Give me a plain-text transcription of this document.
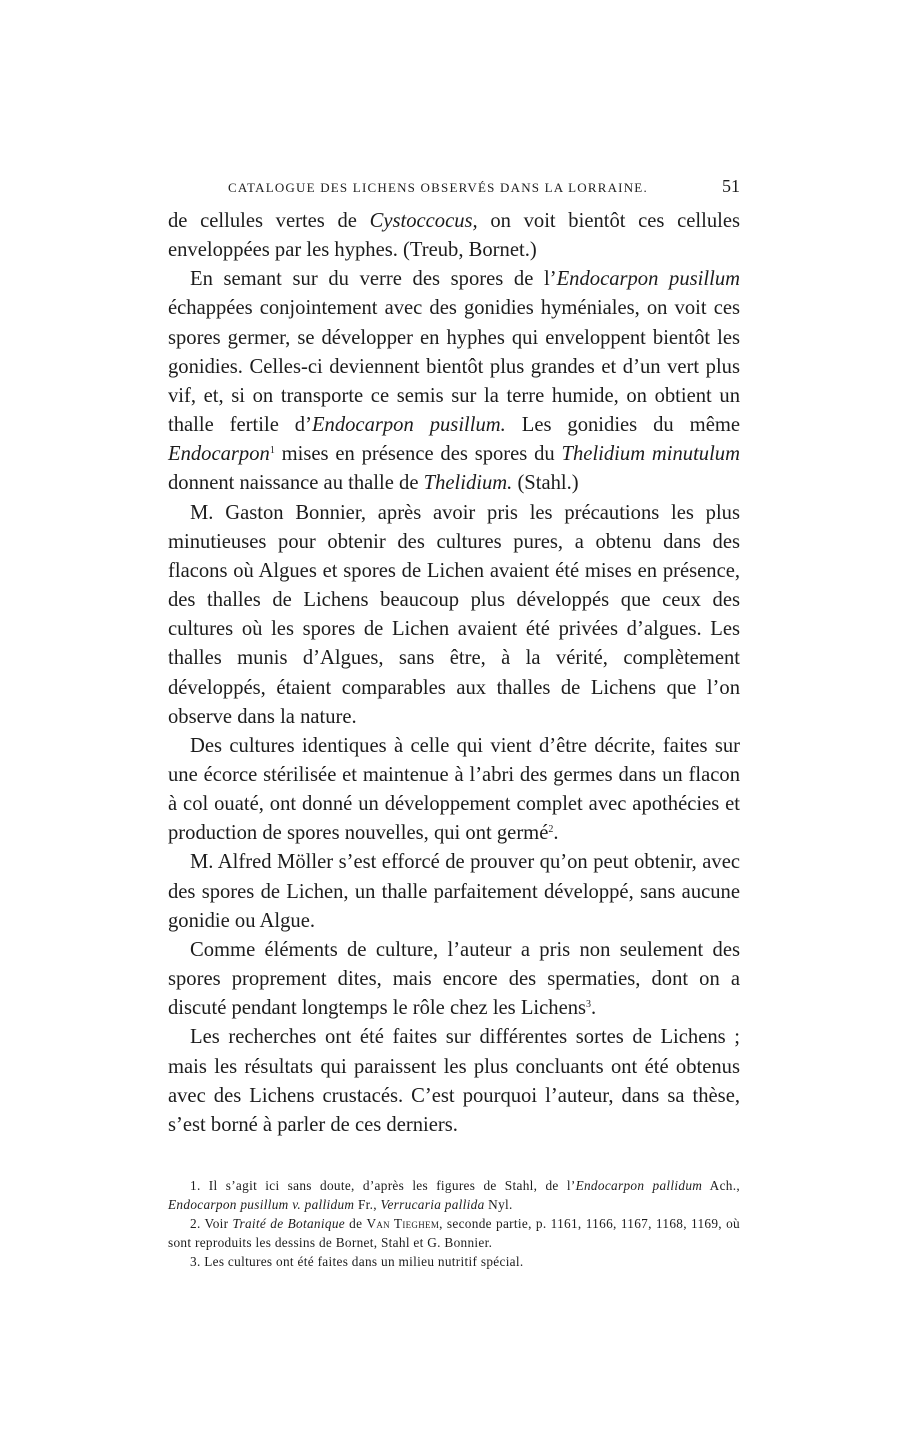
CATALOGUE DES LICHENS OBSERVÉS DANS LA LORRAINE.	51

de cellules vertes de Cystoccocus, on voit bientôt ces cellules enveloppées par les hyphes. (Treub, Bornet.)

En semant sur du verre des spores de l’Endocarpon pusillum échappées conjointement avec des gonidies hyméniales, on voit ces spores germer, se développer en hyphes qui enveloppent bientôt les gonidies. Celles-ci deviennent bientôt plus grandes et d’un vert plus vif, et, si on transporte ce semis sur la terre humide, on obtient un thalle fertile d’Endocarpon pusillum. Les gonidies du même Endocarpon$^1$ mises en présence des spores du Thelidium minutulum donnent naissance au thalle de Thelidium. (Stahl.)

M. Gaston Bonnier, après avoir pris les précautions les plus minutieuses pour obtenir des cultures pures, a obtenu dans des flacons où Algues et spores de Lichen avaient été mises en présence, des thalles de Lichens beaucoup plus développés que ceux des cultures où les spores de Lichen avaient été privées d’algues. Les thalles munis d’Algues, sans être, à la vérité, complètement développés, étaient comparables aux thalles de Lichens que l’on observe dans la nature.

Des cultures identiques à celle qui vient d’être décrite, faites sur une écorce stérilisée et maintenue à l’abri des germes dans un flacon à col ouaté, ont donné un développement complet avec apothécies et production de spores nouvelles, qui ont germé$^2$.

M. Alfred Möller s’est efforcé de prouver qu’on peut obtenir, avec des spores de Lichen, un thalle parfaitement développé, sans aucune gonidie ou Algue.

Comme éléments de culture, l’auteur a pris non seulement des spores proprement dites, mais encore des spermaties, dont on a discuté pendant longtemps le rôle chez les Lichens$^3$.

Les recherches ont été faites sur différentes sortes de Lichens ; mais les résultats qui paraissent les plus concluants ont été obtenus avec des Lichens crustacés. C’est pourquoi l’auteur, dans sa thèse, s’est borné à parler de ces derniers.

1. Il s’agit ici sans doute, d’après les figures de Stahl, de l’Endocarpon pallidum Ach., Endocarpon pusillum v. pallidum Fr., Verrucaria pallida Nyl.

2. Voir Traité de Botanique de Van Tieghem, seconde partie, p. 1161, 1166, 1167, 1168, 1169, où sont reproduits les dessins de Bornet, Stahl et G. Bonnier.

3. Les cultures ont été faites dans un milieu nutritif spécial.
